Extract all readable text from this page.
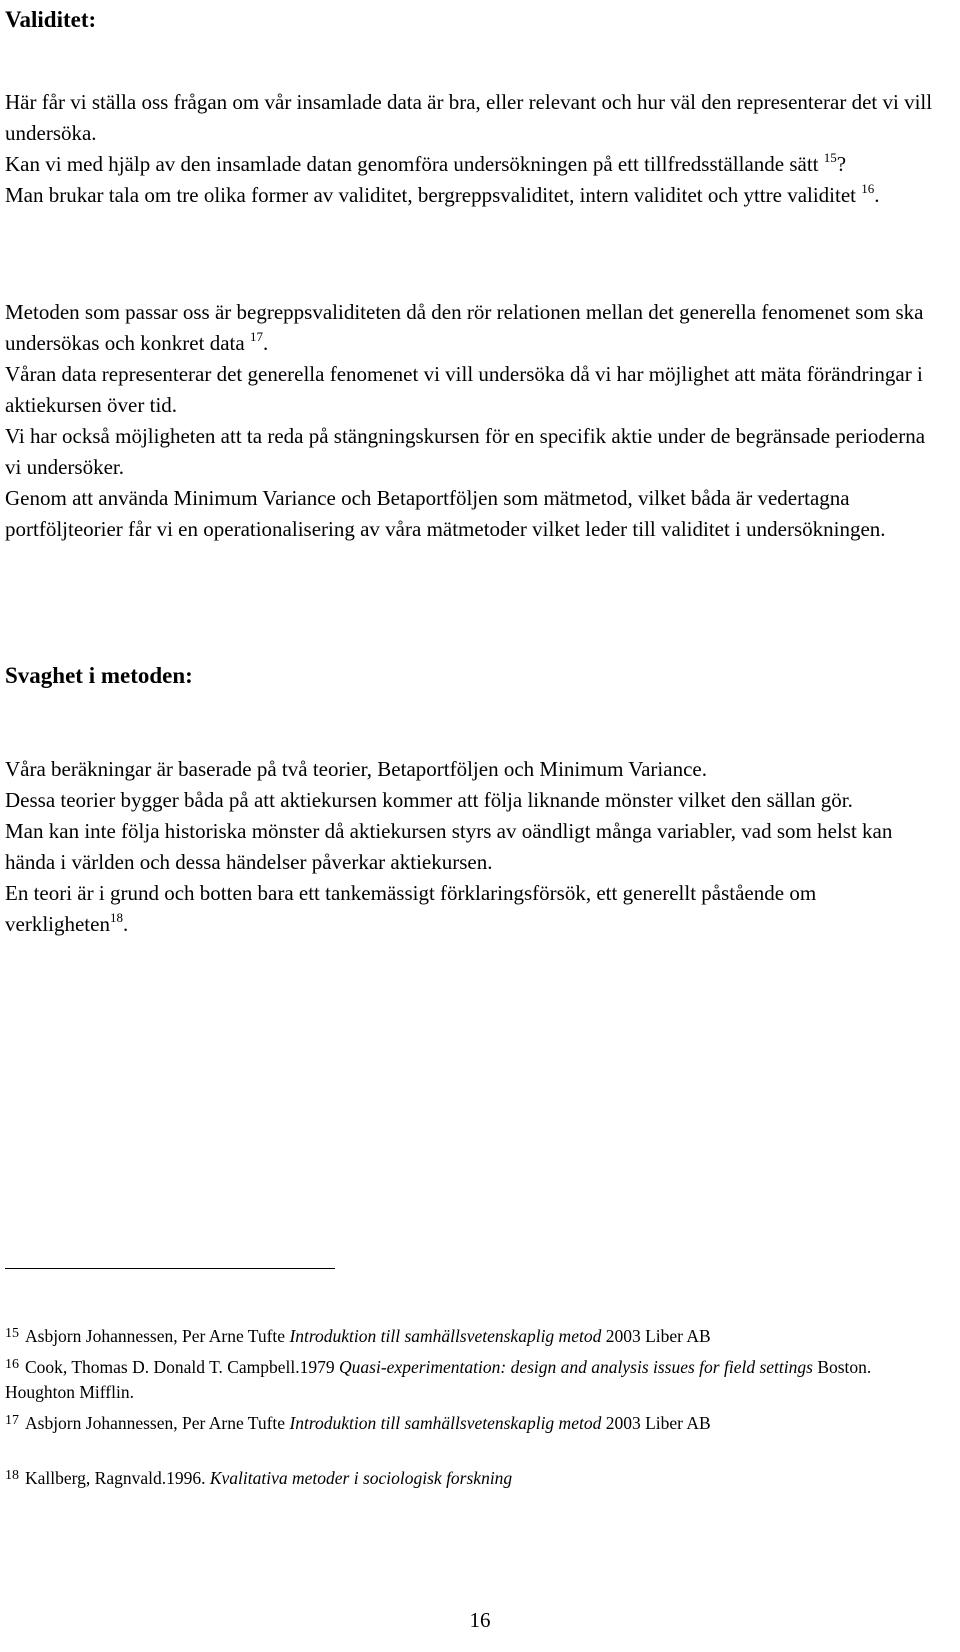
Validitet:

Här får vi ställa oss frågan om vår insamlade data är bra, eller relevant och hur väl den representerar det vi vill undersöka.

Kan vi med hjälp av den insamlade datan genomföra undersökningen på ett tillfredsställande sätt $^{15}$?

Man brukar tala om tre olika former av validitet, bergreppsvaliditet, intern validitet och yttre validitet $^{16}$.

Metoden som passar oss är begreppsvaliditeten då den rör relationen mellan det generella fenomenet som ska undersökas och konkret data $^{17}$.

Våran data representerar det generella fenomenet vi vill undersöka då vi har möjlighet att mäta förändringar i aktiekursen över tid.

Vi har också möjligheten att ta reda på stängningskursen för en specifik aktie under de begränsade perioderna vi undersöker.

Genom att använda Minimum Variance och Betaportföljen som mätmetod, vilket båda är vedertagna portföljteorier får vi en operationalisering av våra mätmetoder vilket leder till validitet i undersökningen.

Svaghet i metoden:

Våra beräkningar är baserade på två teorier, Betaportföljen och Minimum Variance.

Dessa teorier bygger båda på att aktiekursen kommer att följa liknande mönster vilket den sällan gör.

Man kan inte följa historiska mönster då aktiekursen styrs av oändligt många variabler, vad som helst kan hända i världen och dessa händelser påverkar aktiekursen.

En teori är i grund och botten bara ett tankemässigt förklaringsförsök, ett generellt påstående om verkligheten$^{18}$.

$^{15}$ Asbjorn Johannessen, Per Arne Tufte Introduktion till samhällsvetenskaplig metod 2003 Liber AB

$^{16}$ Cook, Thomas D. Donald T. Campbell.1979 Quasi-experimentation: design and analysis issues for field settings Boston. Houghton Mifflin.

$^{17}$ Asbjorn Johannessen, Per Arne Tufte Introduktion till samhällsvetenskaplig metod 2003 Liber AB

$^{18}$ Kallberg, Ragnvald.1996. Kvalitativa metoder i sociologisk forskning

16
